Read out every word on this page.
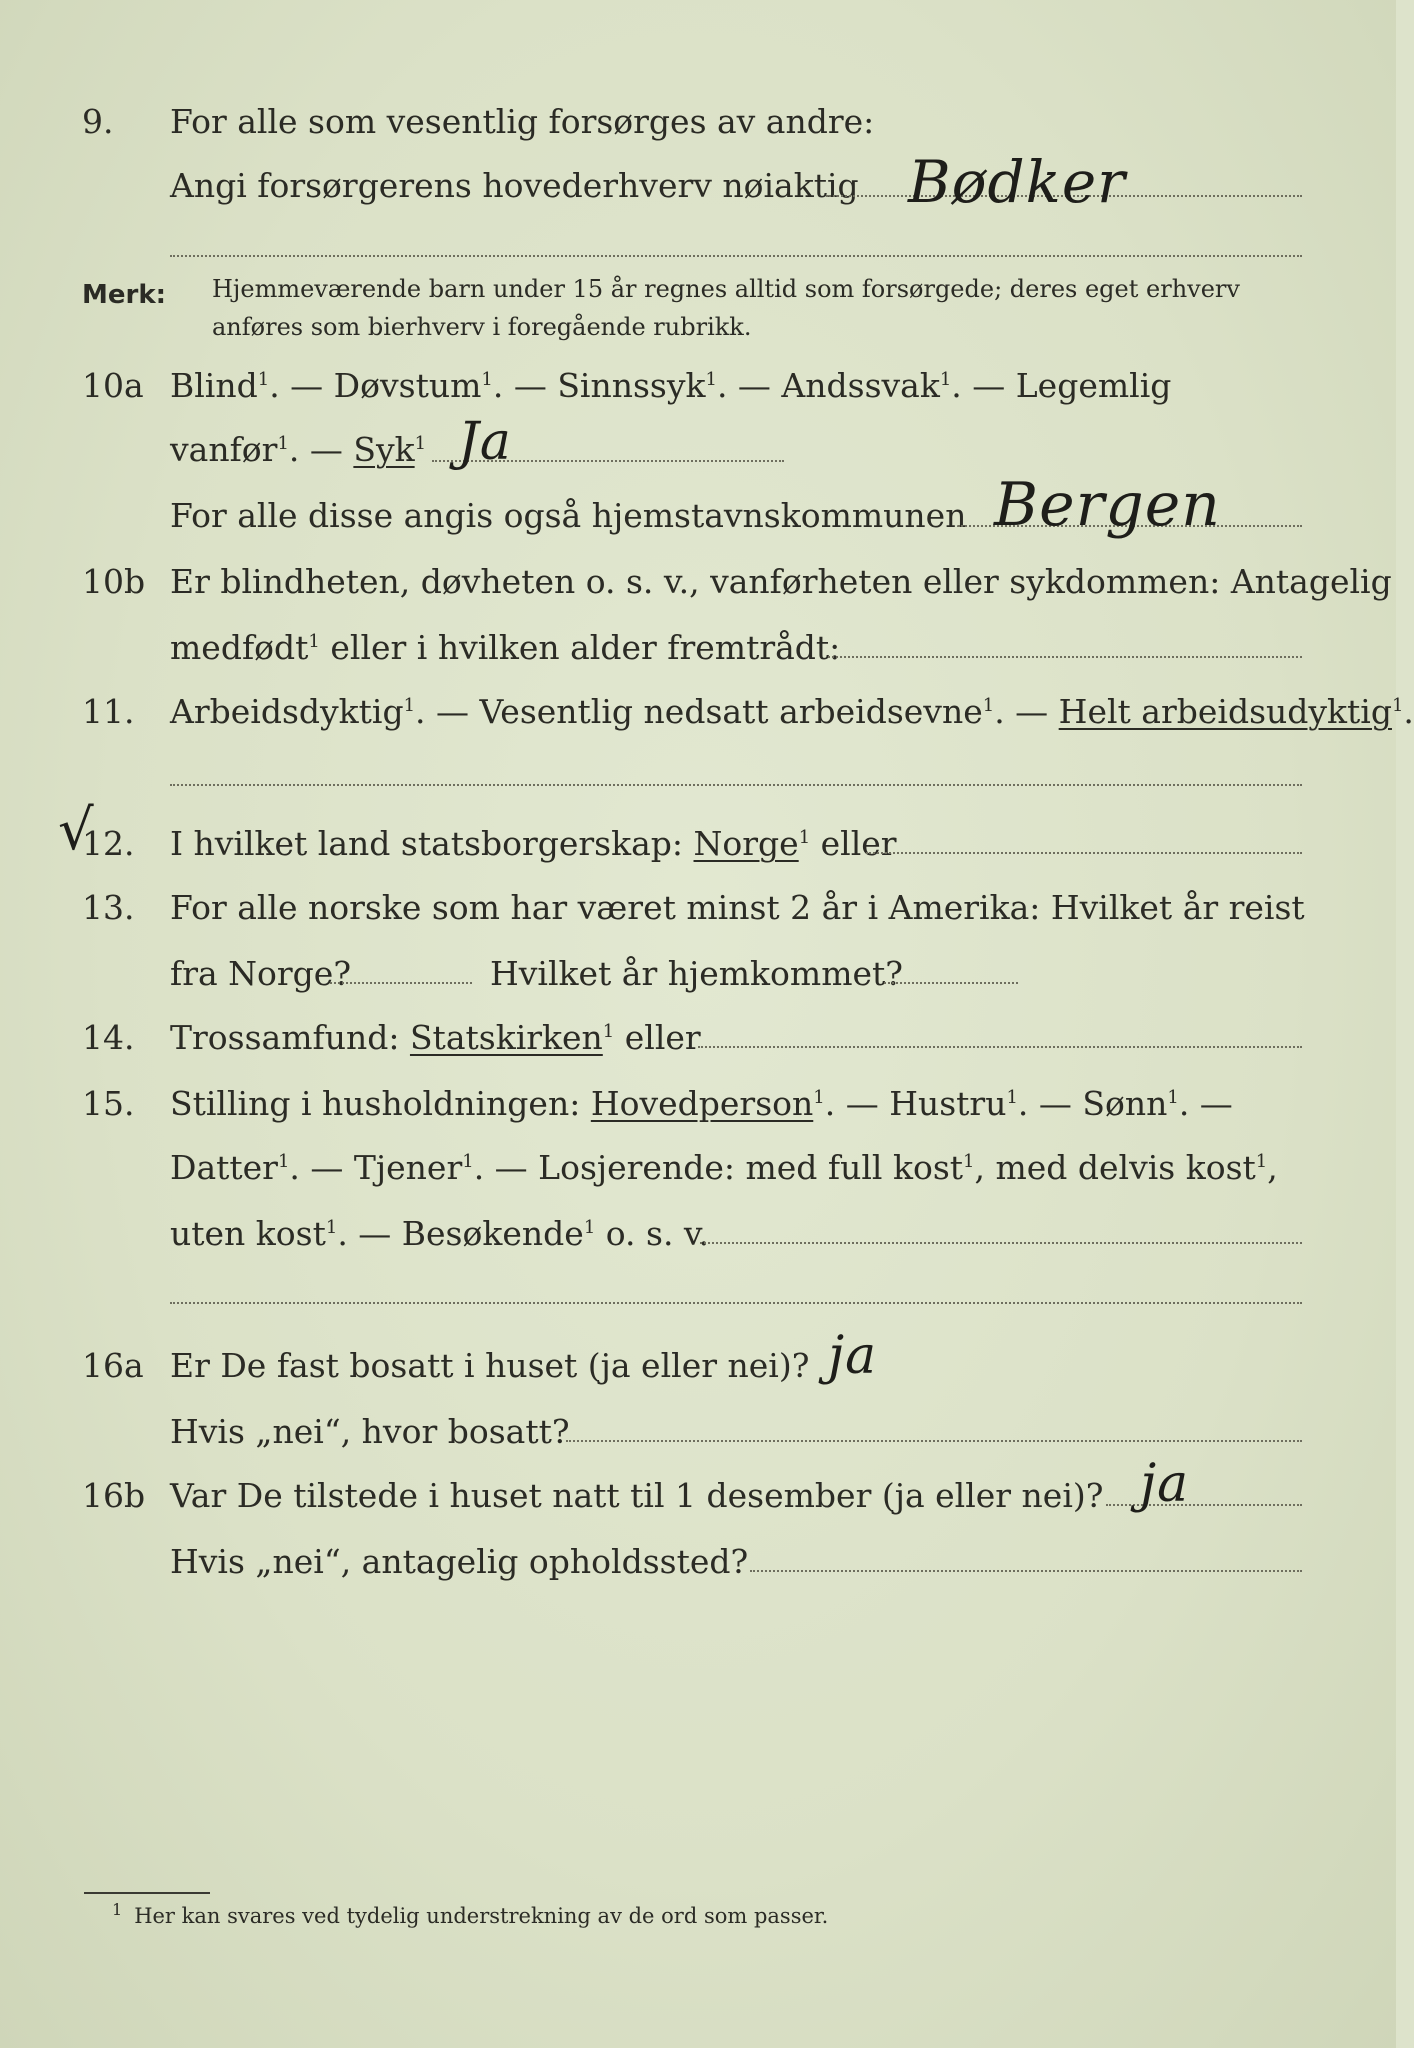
9.	For alle som vesentlig forsørges av andre:
Angi forsørgerens hovederhverv nøiaktig Bødker
Merk: Hjemmeværende barn under 15 år regnes alltid som forsørgede; deres eget erhverv
anføres som bierhverv i foregående rubrikk.
10a Blind$^1$. — Døvstum$^1$. — Sinnssyk$^1$. — Andssvak$^1$. — Legemlig
vanfør$^1$. — Syk$^1$ Ja
For alle disse angis også hjemstavnskommunen Bergen
10b Er blindheten, døvheten o. s. v., vanførheten eller sykdommen: Antagelig
medfødt$^1$ eller i hvilken alder fremtrådt:
11.	Arbeidsdyktig$^1$. — Vesentlig nedsatt arbeidsevne$^1$. — Helt arbeidsudyktig$^1$.
√
12.	I hvilket land statsborgerskap: Norge$^1$ eller
13.	For alle norske som har været minst 2 år i Amerika: Hvilket år reist
fra Norge?	Hvilket år hjemkommet?
14.	Trossamfund: Statskirken$^1$ eller
15.	Stilling i husholdningen: Hovedperson$^1$. — Hustru$^1$. — Sønn$^1$. —
Datter$^1$. — Tjener$^1$. — Losjerende: med full kost$^1$, med delvis kost$^1$,
uten kost$^1$. — Besøkende$^1$ o. s. v.
16a Er De fast bosatt i huset (ja eller nei)? ja
Hvis „nei“, hvor bosatt?
16b Var De tilstede i huset natt til 1 desember (ja eller nei)? ja
Hvis „nei“, antagelig opholdssted?
$^1$ Her kan svares ved tydelig understrekning av de ord som passer.
